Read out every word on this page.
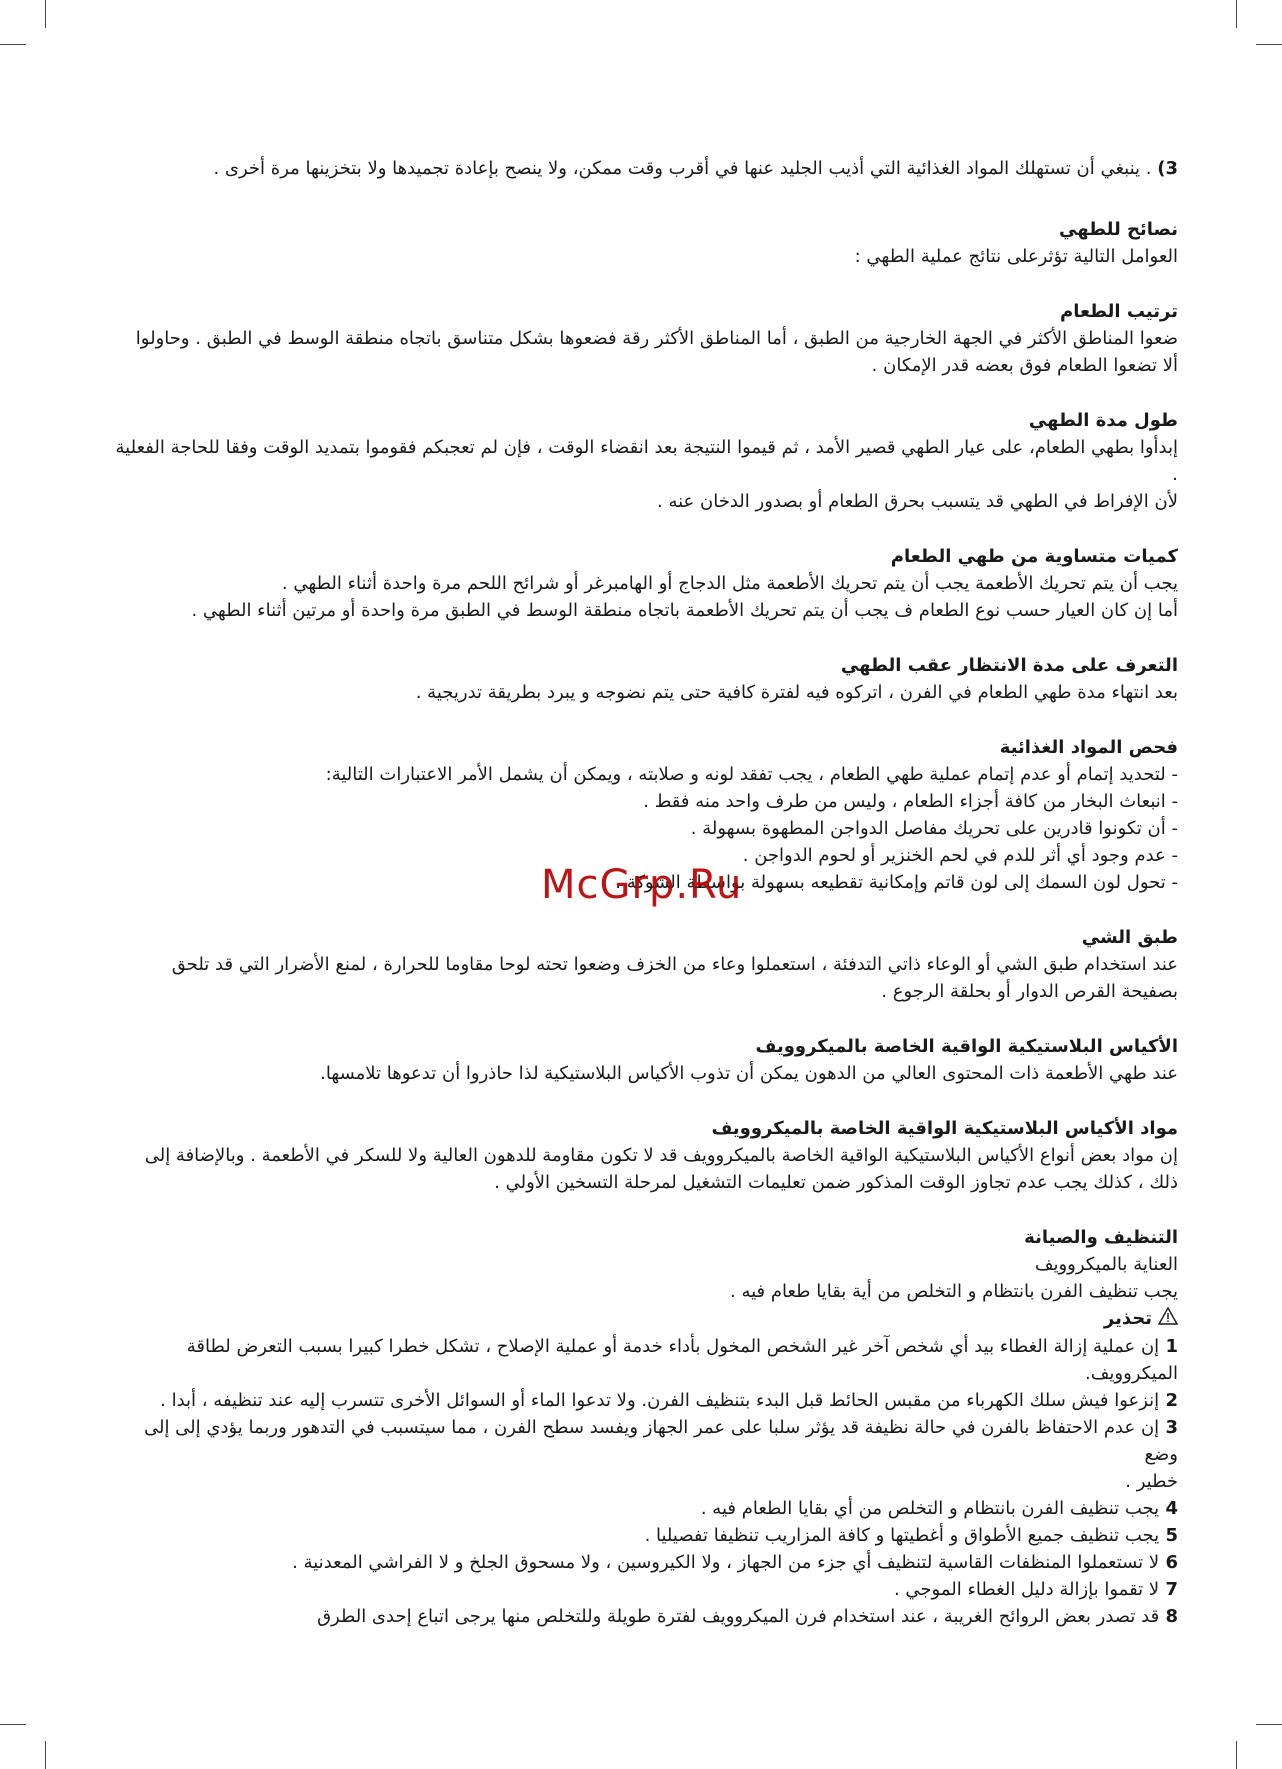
3) . ينبغي أن تستهلك المواد الغذائية التي أذيب الجليد عنها في أقرب وقت ممكن، ولا ينصح بإعادة تجميدها ولا بتخزينها مرة أخرى .

نصائح للطهي

العوامل التالية تؤثرعلى نتائج عملية الطهي :

ترتيب الطعام

ضعوا المناطق الأكثر في الجهة الخارجية من الطبق ، أما المناطق الأكثر رقة فضعوها بشكل متناسق باتجاه منطقة الوسط في الطبق . وحاولوا
ألا تضعوا الطعام فوق بعضه قدر الإمكان .

طول مدة الطهي

إبدأوا بطهي الطعام، على عيار الطهي قصير الأمد ، ثم قيموا النتيجة بعد انقضاء الوقت ، فإن لم تعجبكم فقوموا بتمديد الوقت وفقا للحاجة الفعلية .
لأن الإفراط في الطهي قد يتسبب بحرق الطعام أو بصدور الدخان عنه .

كميات متساوية من طهي الطعام

يجب أن يتم تحريك الأطعمة يجب أن يتم تحريك الأطعمة مثل الدجاج أو الهامبرغر أو شرائح اللحم مرة واحدة أثناء الطهي .
أما إن كان العيار حسب نوع الطعام ف يجب أن يتم تحريك الأطعمة باتجاه منطقة الوسط في الطبق مرة واحدة أو مرتين أثناء الطهي .

التعرف على مدة الانتظار عقب الطهي

بعد انتهاء مدة طهي الطعام في الفرن ، اتركوه فيه لفترة كافية حتى يتم نضوجه و يبرد بطريقة تدريجية .

فحص المواد الغذائية

- لتحديد إتمام أو عدم إتمام عملية طهي الطعام ، يجب تفقد لونه و صلابته ، ويمكن أن يشمل الأمر الاعتبارات التالية:
- انبعاث البخار من كافة أجزاء الطعام ، وليس من طرف واحد منه فقط .
- أن تكونوا قادرين على تحريك مفاصل الدواجن المطهوة بسهولة .
- عدم وجود أي أثر للدم في لحم الخنزير أو لحوم الدواجن .
- تحول لون السمك إلى لون قاتم وإمكانية تقطيعه بسهولة بواسطة الشوكة .

طبق الشي

عند استخدام طبق الشي أو الوعاء ذاتي التدفئة ، استعملوا وعاء من الخزف وضعوا تحته لوحا مقاوما للحرارة ، لمنع الأضرار التي قد تلحق
بصفيحة القرص الدوار أو بحلقة الرجوع .

الأكياس البلاستيكية الواقية الخاصة بالميكروويف

عند طهي الأطعمة ذات المحتوى العالي من الدهون يمكن أن تذوب الأكياس البلاستيكية لذا حاذروا أن تدعوها تلامسها.

مواد الأكياس البلاستيكية الواقية الخاصة بالميكروويف

إن مواد بعض أنواع الأكياس البلاستيكية الواقية الخاصة بالميكروويف قد لا تكون مقاومة للدهون العالية ولا للسكر في الأطعمة . وبالإضافة إلى
ذلك ، كذلك يجب عدم تجاوز الوقت المذكور ضمن تعليمات التشغيل لمرحلة التسخين الأولي .

التنظيف والصيانة

العناية بالميكروويف
يجب تنظيف الفرن بانتظام و التخلص من أية بقايا طعام فيه .

تحذير
1 إن عملية إزالة الغطاء بيد أي شخص آخر غير الشخص المخول بأداء خدمة أو عملية الإصلاح ، تشكل خطرا كبيرا بسبب التعرض لطاقة
الميكروويف.
2 إنزعوا فيش سلك الكهرباء من مقبس الحائط قبل البدء بتنظيف الفرن. ولا تدعوا الماء أو السوائل الأخرى تتسرب إليه عند تنظيفه ، أبدا .
3 إن عدم الاحتفاظ بالفرن في حالة نظيفة قد يؤثر سلبا على عمر الجهاز ويفسد سطح الفرن ، مما سيتسبب في التدهور وربما يؤدي إلى إلى وضع
خطير .
4 يجب تنظيف الفرن بانتظام و التخلص من أي بقايا الطعام فيه .
5 يجب تنظيف جميع الأطواق و أغطيتها و كافة المزاريب تنظيفا تفصيليا .
6 لا تستعملوا المنظفات القاسية لتنظيف أي جزء من الجهاز ، ولا الكيروسين ، ولا مسحوق الجلخ و لا الفراشي المعدنية .
7 لا تقموا بإزالة دليل الغطاء الموجي .
8 قد تصدر بعض الروائح الغريبة ، عند استخدام فرن الميكروويف لفترة طويلة وللتخلص منها يرجى اتباع إحدى الطرق
McGrp.Ru
